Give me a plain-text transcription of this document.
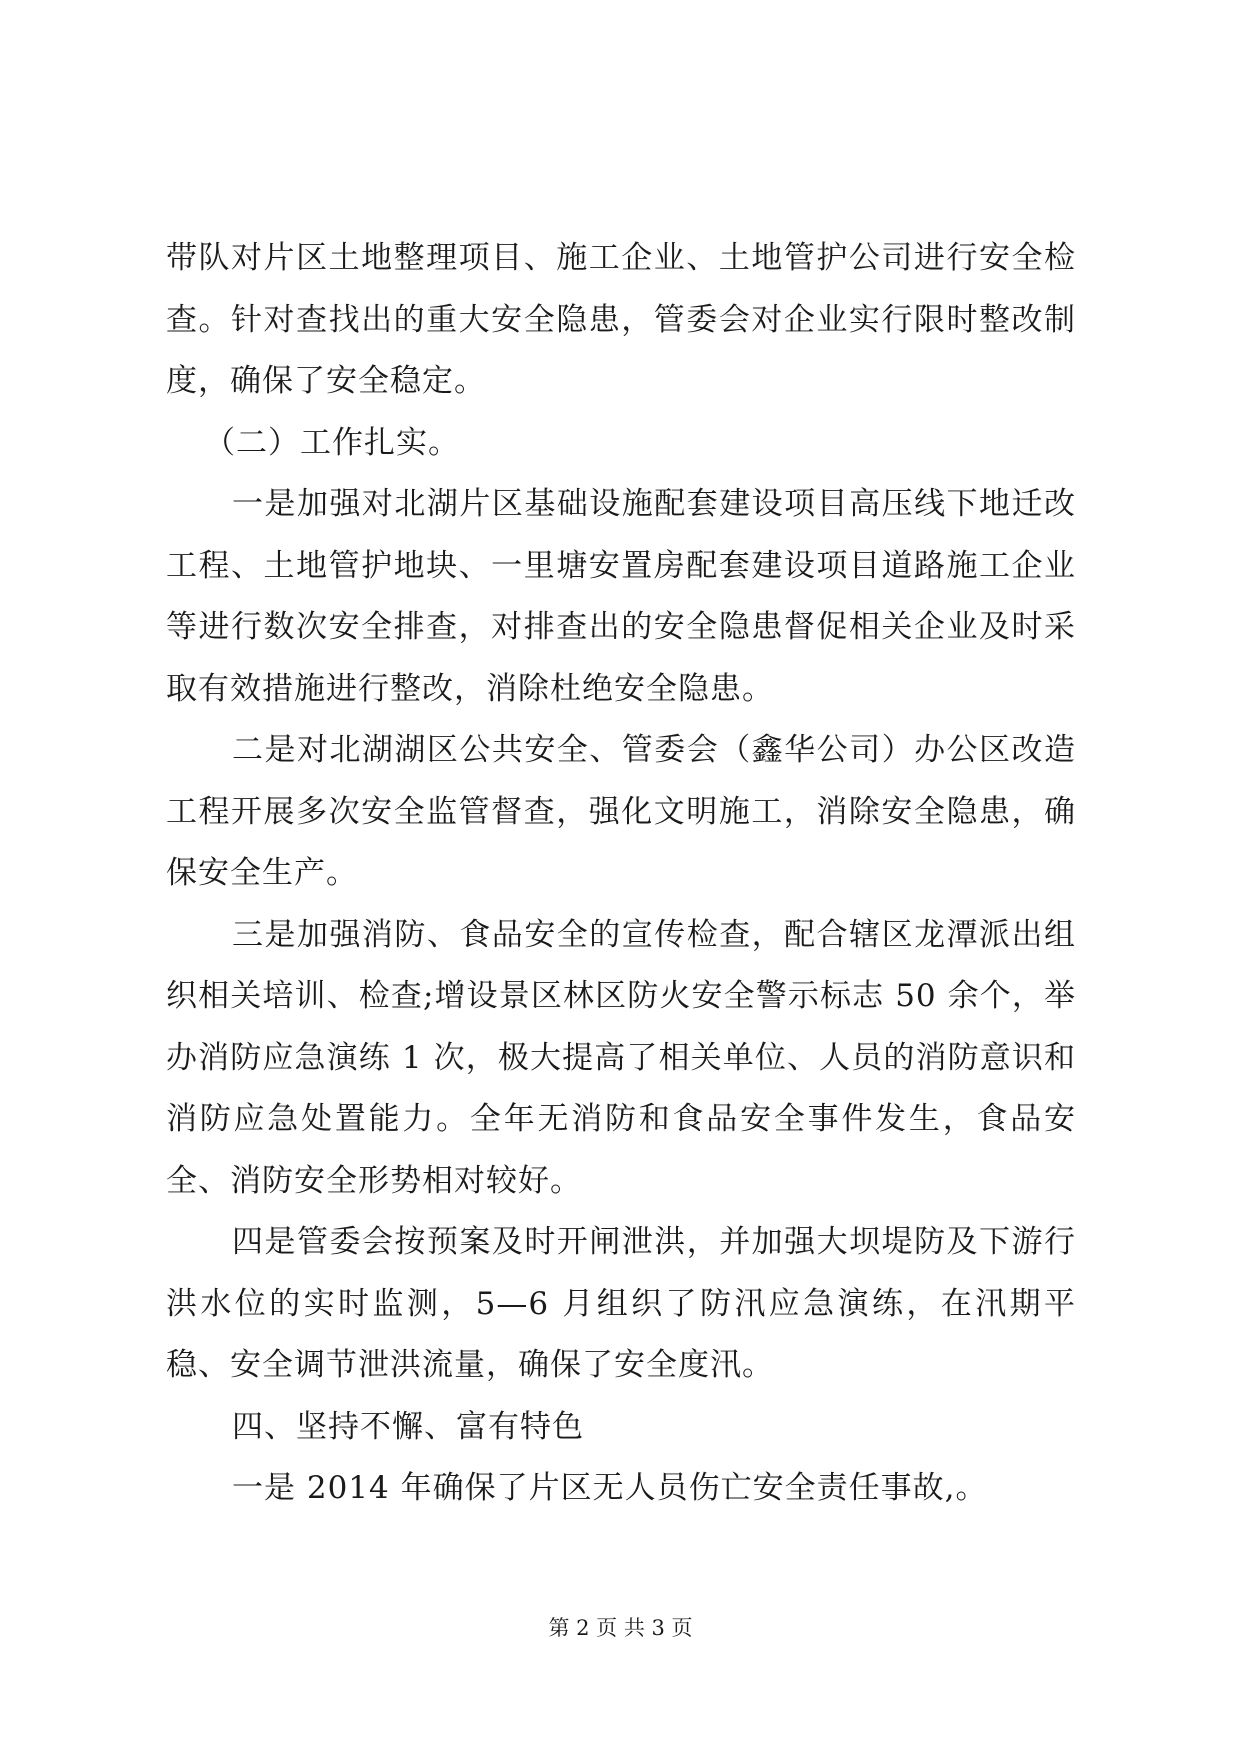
带队对片区土地整理项目、施工企业、土地管护公司进行安全检查。针对查找出的重大安全隐患，管委会对企业实行限时整改制度，确保了安全稳定。

（二）工作扎实。

一是加强对北湖片区基础设施配套建设项目高压线下地迁改工程、土地管护地块、一里塘安置房配套建设项目道路施工企业等进行数次安全排查，对排查出的安全隐患督促相关企业及时采取有效措施进行整改，消除杜绝安全隐患。

二是对北湖湖区公共安全、管委会（鑫华公司）办公区改造工程开展多次安全监管督查，强化文明施工，消除安全隐患，确保安全生产。

三是加强消防、食品安全的宣传检查，配合辖区龙潭派出组织相关培训、检查;增设景区林区防火安全警示标志 50 余个，举办消防应急演练 1 次，极大提高了相关单位、人员的消防意识和消防应急处置能力。全年无消防和食品安全事件发生，食品安全、消防安全形势相对较好。

四是管委会按预案及时开闸泄洪，并加强大坝堤防及下游行洪水位的实时监测，5—6 月组织了防汛应急演练，在汛期平稳、安全调节泄洪流量，确保了安全度汛。

四、坚持不懈、富有特色

一是 2014 年确保了片区无人员伤亡安全责任事故,。

第 2 页 共 3 页
